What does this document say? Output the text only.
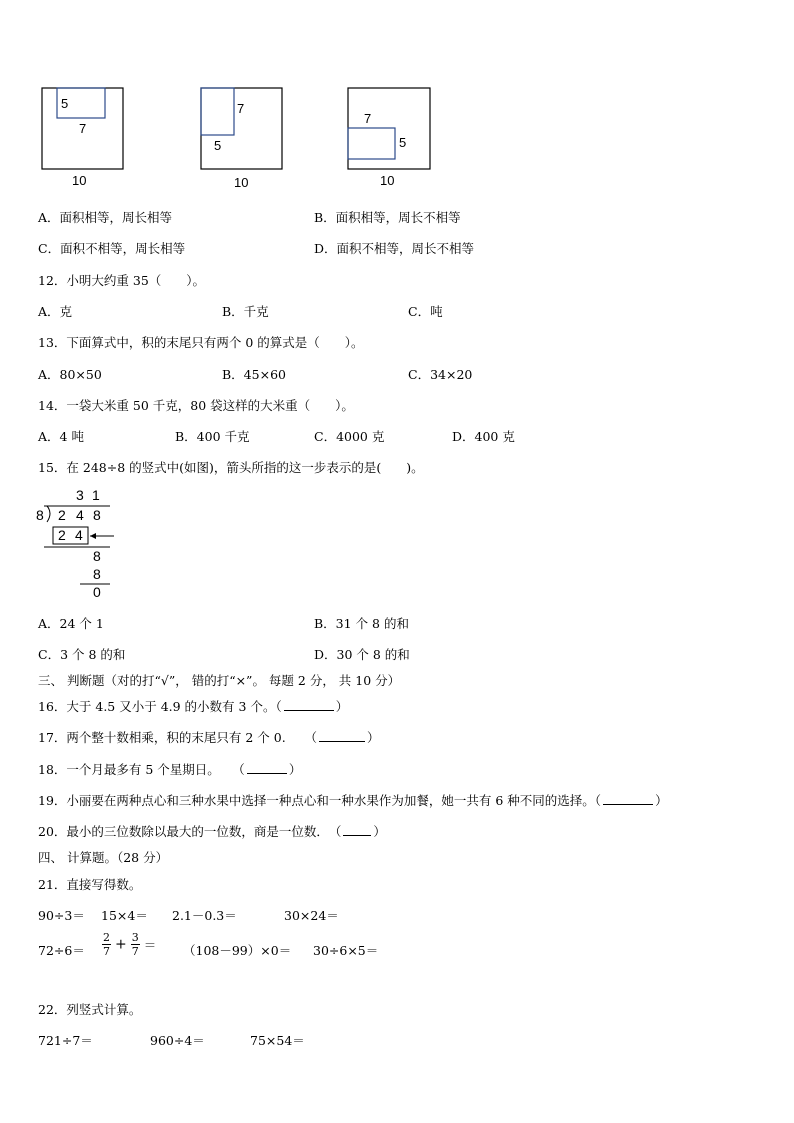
5
7
10
7
5
10
7
5
10
A．面积相等，周长相等	B．面积相等，周长不相等
C．面积不相等，周长相等	D．面积不相等，周长不相等
12．小明大约重 35（　　）。
A．克	B．千克	C．吨
13．下面算式中，积的末尾只有两个 0 的算式是（　　）。
A．80×50	B．45×60	C．34×20
14．一袋大米重 50 千克，80 袋这样的大米重（　　）。
A．4 吨	B．400 千克	C．4000 克	D．400 克
15．在 248÷8 的竖式中(如图)，箭头所指的这一步表示的是(　　)。
3 1
8 2 4 8
2 4
8
8
0
A．24 个 1	B．31 个 8 的和
C．3 个 8 的和	D．30 个 8 的和
三、 判断题（对的打“√”， 错的打“×”。 每题 2 分， 共 10 分）
16．大于 4.5 又小于 4.9 的小数有 3 个。（	）
17．两个整十数相乘，积的末尾只有 2 个 0.　　（	）
18．一个月最多有 5 个星期日。　　（	）
19．小丽要在两种点心和三种水果中选择一种点心和一种水果作为加餐，她一共有 6 种不同的选择。（	）
20．最小的三位数除以最大的一位数，商是一位数．　（	）
四、 计算题。（28 分）
21．直接写得数。
90÷3＝ 15×4＝ 2.1－0.3＝	30×24＝
$72\div 6= \frac{2}{7} + \frac{3}{7} = (108-99)\times 0= 30\div 6\times 5=$
22．列竖式计算。
721÷7＝	960÷4＝	75×54＝
